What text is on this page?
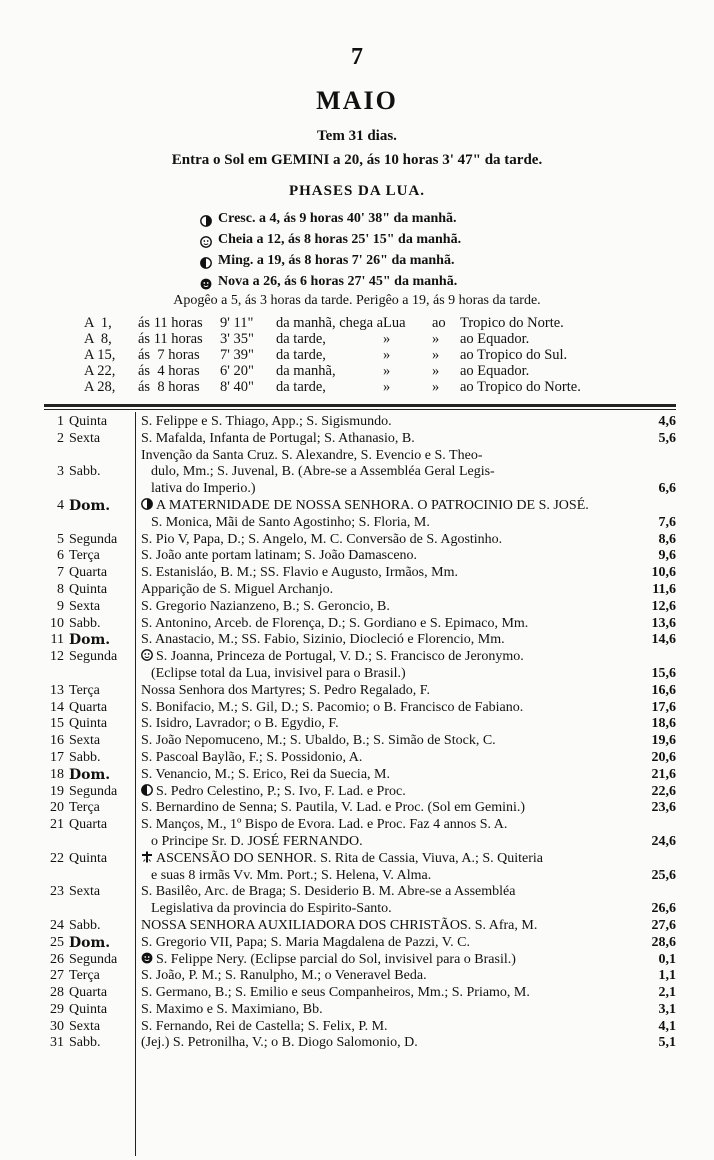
7
MAIO
Tem 31 dias.
Entra o Sol em GEMINI a 20, ás 10 horas 3' 47" da tarde.
PHASES DA LUA.
Cresc. a 4, ás 9 horas 40' 38" da manhã.
Cheia a 12, ás 8 horas 25' 15" da manhã.
Ming. a 19, ás 8 horas 7' 26" da manhã.
Nova a 26, ás 6 horas 27' 45" da manhã.
Apogêo a 5, ás 3 horas da tarde. Perigêo a 19, ás 9 horas da tarde.
A  1,	ás 11 horas 9' 11" da manhã, chega a Lua ao Tropico do Norte.
A  8,	ás 11 horas 3' 35" da tarde,	»	» ao Equador.
A 15,	ás  7 horas 7' 39" da tarde,	»	» ao Tropico do Sul.
A 22,	ás  4 horas 6' 20" da manhã,	»	» ao Equador.
A 28,	ás  8 horas 8' 40" da tarde,	»	» ao Tropico do Norte.
1 Quinta S. Felippe e S. Thiago, App.; S. Sigismundo.	4,6
2 Sexta	S. Mafalda, Infanta de Portugal; S. Athanasio, B.	5,6
3 Sabb.
Invenção da Santa Cruz. S. Alexandre, S. Evencio e S. Theo-
dulo, Mm.; S. Juvenal, B. (Abre-se a Assembléa Geral Legis-
lativa do Imperio.)	6,6
4 Dom.	A MATERNIDADE DE NOSSA SENHORA. O PATROCINIO DE S. JOSÉ.
S. Monica, Mãi de Santo Agostinho; S. Floria, M.	7,6
5 Segunda S. Pio V, Papa, D.; S. Angelo, M. C. Conversão de S. Agostinho.	8,6
6 Terça	S. João ante portam latinam; S. João Damasceno.	9,6
7 Quarta S. Estanisláo, B. M.; SS. Flavio e Augusto, Irmãos, Mm.	10,6
8 Quinta Apparição de S. Miguel Archanjo.	11,6
9 Sexta	S. Gregorio Nazianzeno, B.; S. Geroncio, B.	12,6
10 Sabb.	S. Antonino, Arceb. de Florença, D.; S. Gordiano e S. Epimaco, Mm.	13,6
11 Dom. S. Anastacio, M.; SS. Fabio, Sizinio, Diocleció e Florencio, Mm.	14,6
12 Segunda	S. Joanna, Princeza de Portugal, V. D.; S. Francisco de Jeronymo.
(Eclipse total da Lua, invisivel para o Brasil.)	15,6
13 Terça	Nossa Senhora dos Martyres; S. Pedro Regalado, F.	16,6
14 Quarta S. Bonifacio, M.; S. Gil, D.; S. Pacomio; o B. Francisco de Fabiano.	17,6
15 Quinta S. Isidro, Lavrador; o B. Egydio, F.	18,6
16 Sexta	S. João Nepomuceno, M.; S. Ubaldo, B.; S. Simão de Stock, C.	19,6
17 Sabb.	S. Pascoal Baylão, F.; S. Possidonio, A.	20,6
18 Dom. S. Venancio, M.; S. Erico, Rei da Suecia, M.	21,6
19 Segunda	S. Pedro Celestino, P.; S. Ivo, F. Lad. e Proc.	22,6
20 Terça	S. Bernardino de Senna; S. Pautila, V. Lad. e Proc. (Sol em Gemini.)	23,6
21 Quarta S. Manços, M., 1º Bispo de Evora. Lad. e Proc. Faz 4 annos S. A.
o Principe Sr. D. JOSÉ FERNANDO.	24,6
22 Quinta	ASCENSÃO DO SENHOR. S. Rita de Cassia, Viuva, A.; S. Quiteria
e suas 8 irmãs Vv. Mm. Port.; S. Helena, V. Alma.	25,6
23 Sexta	S. Basilêo, Arc. de Braga; S. Desiderio B. M. Abre-se a Assembléa
Legislativa da provincia do Espirito-Santo.	26,6
24 Sabb.	NOSSA SENHORA AUXILIADORA DOS CHRISTÃOS. S. Afra, M.	27,6
25 Dom. S. Gregorio VII, Papa; S. Maria Magdalena de Pazzi, V. C.	28,6
26 Segunda	S. Felippe Nery. (Eclipse parcial do Sol, invisivel para o Brasil.)	0,1
27 Terça	S. João, P. M.; S. Ranulpho, M.; o Veneravel Beda.	1,1
28 Quarta S. Germano, B.; S. Emilio e seus Companheiros, Mm.; S. Priamo, M.	2,1
29 Quinta S. Maximo e S. Maximiano, Bb.	3,1
30 Sexta	S. Fernando, Rei de Castella; S. Felix, P. M.	4,1
31 Sabb.	(Jej.) S. Petronilha, V.; o B. Diogo Salomonio, D.	5,1
